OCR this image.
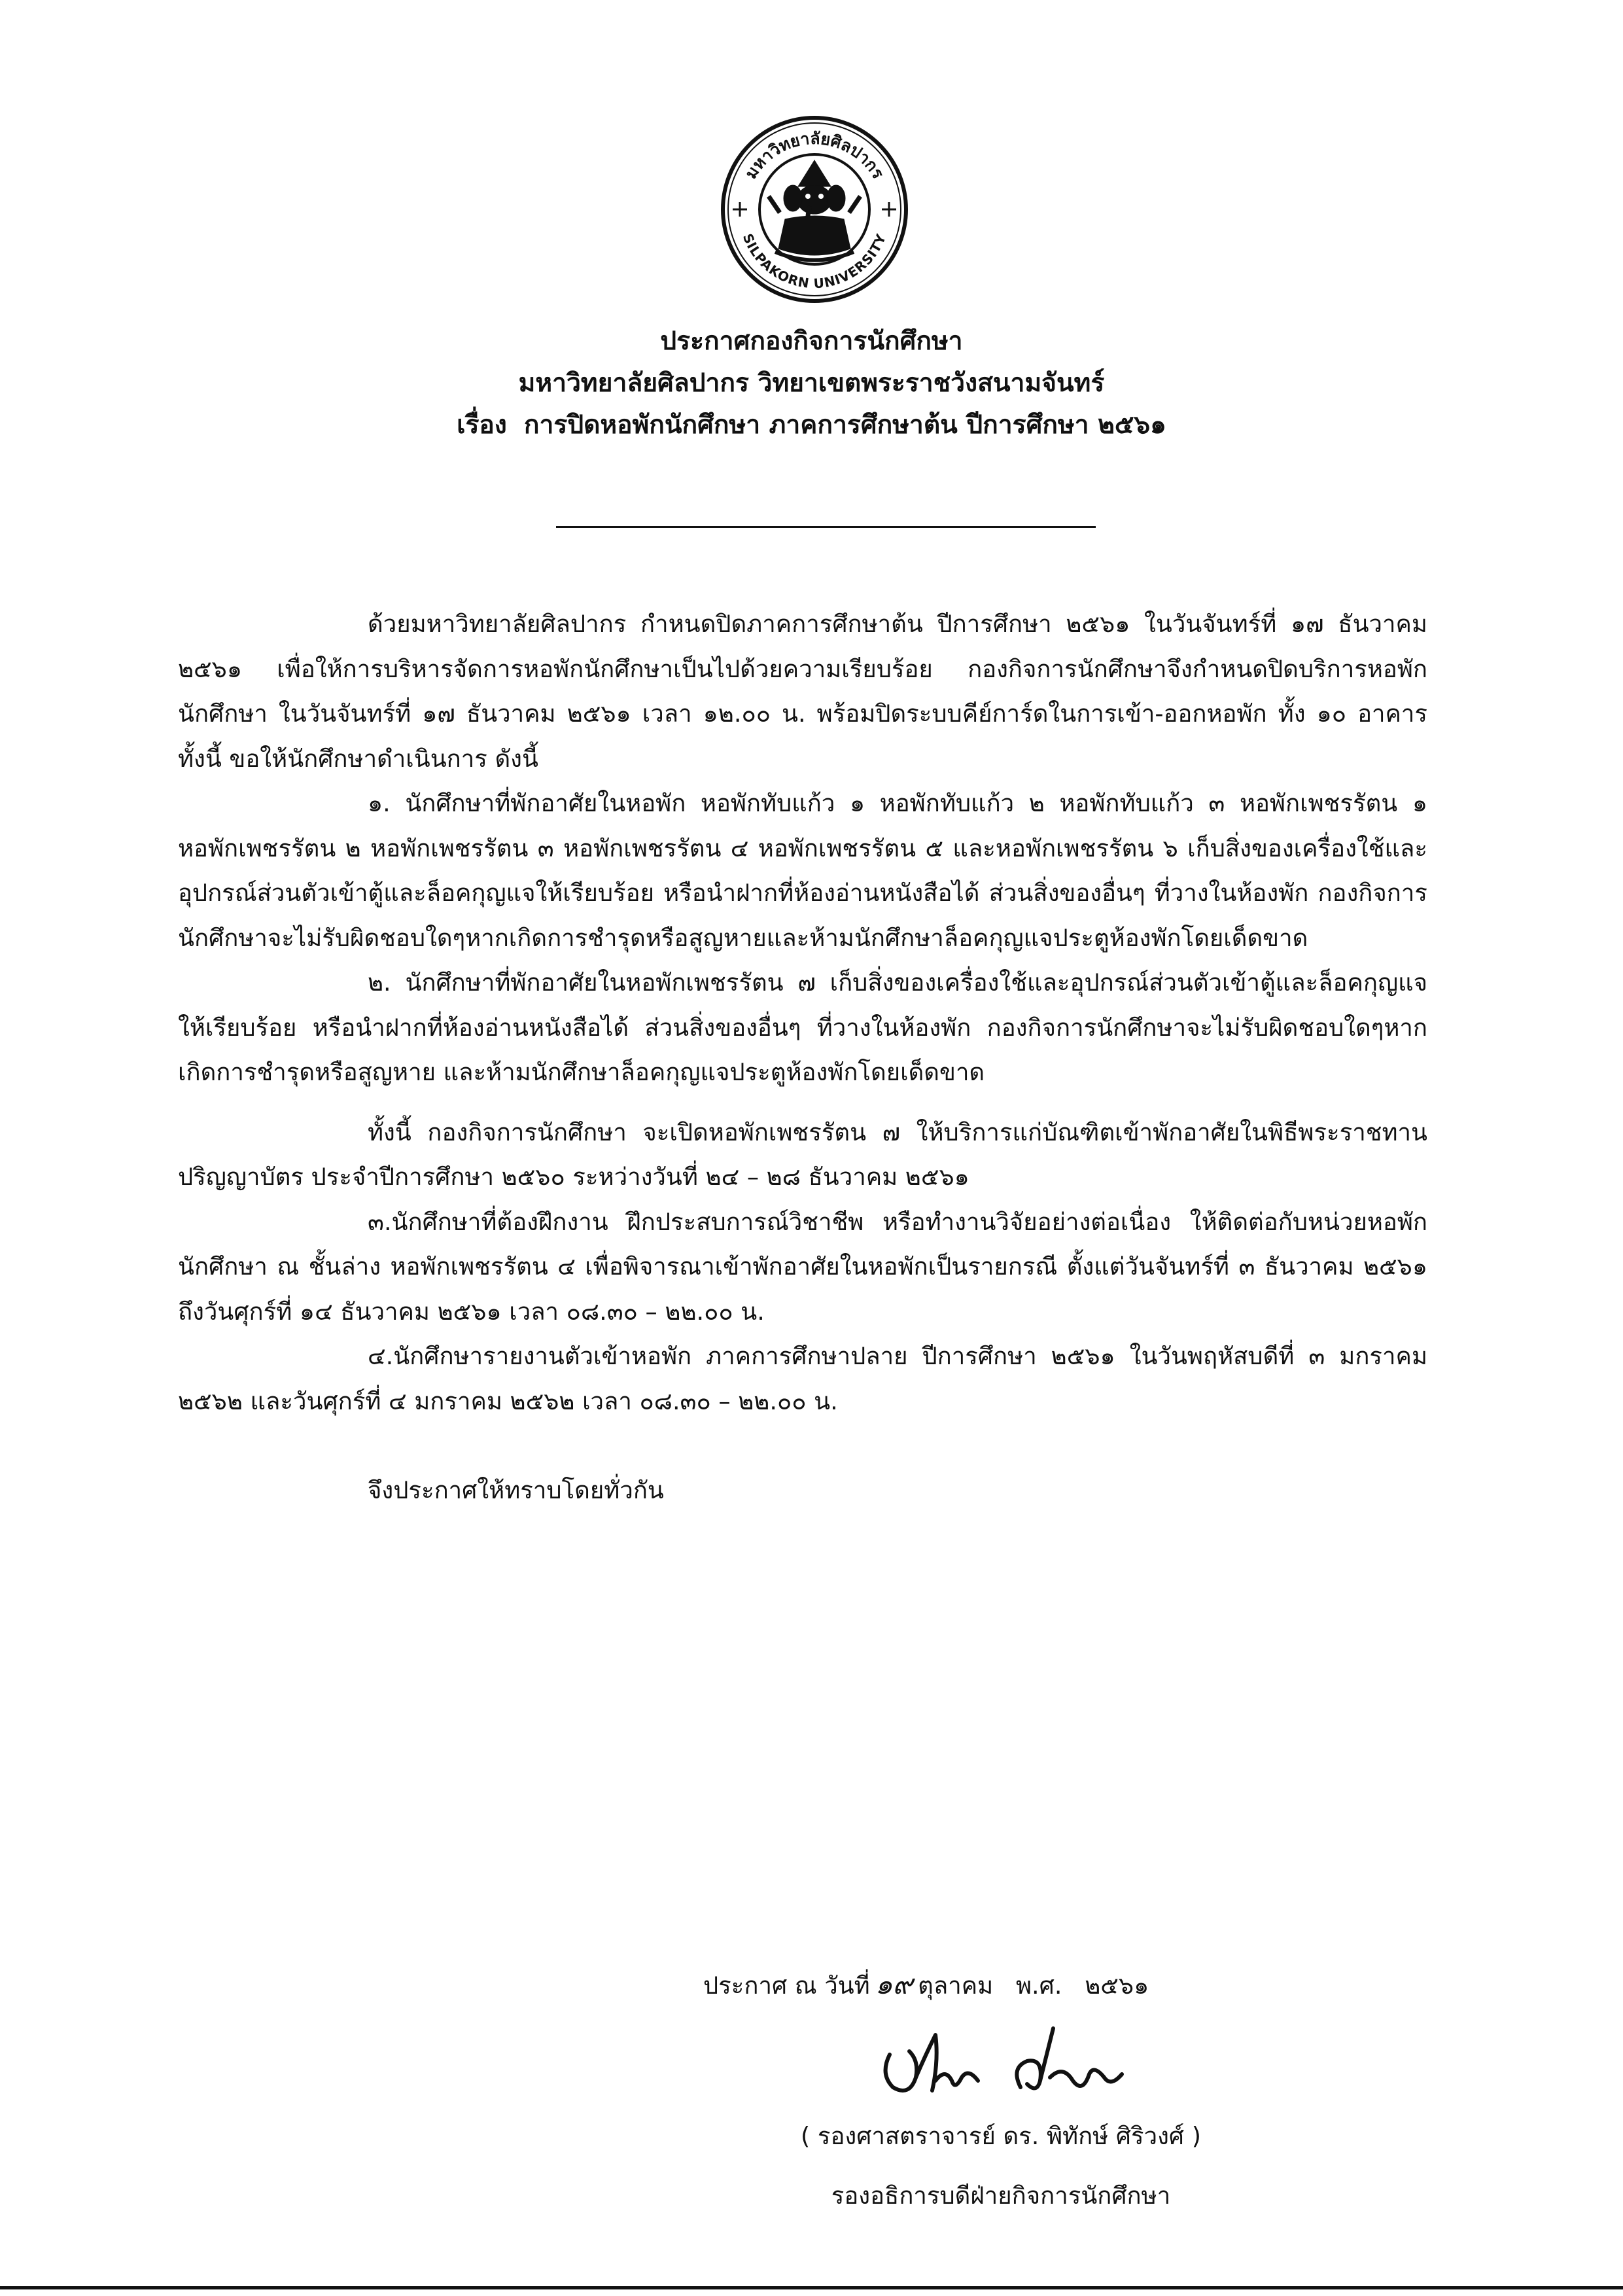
มหาวิทยาลัยศิลปากร
SILPAKORN UNIVERSITY
ประกาศกองกิจการนักศึกษา
มหาวิทยาลัยศิลปากร วิทยาเขตพระราชวังสนามจันทร์
เรื่อง การปิดหอพักนักศึกษา ภาคการศึกษาต้น ปีการศึกษา ๒๕๖๑

ด้วยมหาวิทยาลัยศิลปากร กำหนดปิดภาคการศึกษาต้น ปีการศึกษา ๒๕๖๑ ในวันจันทร์ที่ ๑๗ ธันวาคม ๒๕๖๑ เพื่อให้การบริหารจัดการหอพักนักศึกษาเป็นไปด้วยความเรียบร้อย กองกิจการนักศึกษาจึงกำหนดปิดบริการหอพักนักศึกษา ในวันจันทร์ที่ ๑๗ ธันวาคม ๒๕๖๑ เวลา ๑๒.๐๐ น. พร้อมปิดระบบคีย์การ์ดในการเข้า-ออกหอพัก ทั้ง ๑๐ อาคาร ทั้งนี้ ขอให้นักศึกษาดำเนินการ ดังนี้

๑. นักศึกษาที่พักอาศัยในหอพัก หอพักทับแก้ว ๑ หอพักทับแก้ว ๒ หอพักทับแก้ว ๓ หอพักเพชรรัตน ๑ หอพักเพชรรัตน ๒ หอพักเพชรรัตน ๓ หอพักเพชรรัตน ๔ หอพักเพชรรัตน ๕ และหอพักเพชรรัตน ๖ เก็บสิ่งของเครื่องใช้และอุปกรณ์ส่วนตัวเข้าตู้และล็อคกุญแจให้เรียบร้อย หรือนำฝากที่ห้องอ่านหนังสือได้ ส่วนสิ่งของอื่นๆ ที่วางในห้องพัก กองกิจการนักศึกษาจะไม่รับผิดชอบใดๆหากเกิดการชำรุดหรือสูญหายและห้ามนักศึกษาล็อคกุญแจประตูห้องพักโดยเด็ดขาด

๒. นักศึกษาที่พักอาศัยในหอพักเพชรรัตน ๗ เก็บสิ่งของเครื่องใช้และอุปกรณ์ส่วนตัวเข้าตู้และล็อคกุญแจให้เรียบร้อย หรือนำฝากที่ห้องอ่านหนังสือได้ ส่วนสิ่งของอื่นๆ ที่วางในห้องพัก กองกิจการนักศึกษาจะไม่รับผิดชอบใดๆหากเกิดการชำรุดหรือสูญหาย และห้ามนักศึกษาล็อคกุญแจประตูห้องพักโดยเด็ดขาด

ทั้งนี้ กองกิจการนักศึกษา จะเปิดหอพักเพชรรัตน ๗ ให้บริการแก่บัณฑิตเข้าพักอาศัยในพิธีพระราชทานปริญญาบัตร ประจำปีการศึกษา ๒๕๖๐ ระหว่างวันที่ ๒๔ – ๒๘ ธันวาคม ๒๕๖๑

๓.นักศึกษาที่ต้องฝึกงาน ฝึกประสบการณ์วิชาชีพ หรือทำงานวิจัยอย่างต่อเนื่อง ให้ติดต่อกับหน่วยหอพักนักศึกษา ณ ชั้นล่าง หอพักเพชรรัตน ๔ เพื่อพิจารณาเข้าพักอาศัยในหอพักเป็นรายกรณี ตั้งแต่วันจันทร์ที่ ๓ ธันวาคม ๒๕๖๑ ถึงวันศุกร์ที่ ๑๔ ธันวาคม ๒๕๖๑ เวลา ๐๘.๓๐ – ๒๒.๐๐ น.

๔.นักศึกษารายงานตัวเข้าหอพัก ภาคการศึกษาปลาย ปีการศึกษา ๒๕๖๑ ในวันพฤหัสบดีที่ ๓ มกราคม ๒๕๖๒ และวันศุกร์ที่ ๔ มกราคม ๒๕๖๒ เวลา ๐๘.๓๐ – ๒๒.๐๐ น.

จึงประกาศให้ทราบโดยทั่วกัน

ประกาศ ณ วันที่ ๑๙ ตุลาคม พ.ศ. ๒๕๖๑
( รองศาสตราจารย์ ดร. พิทักษ์ ศิริวงศ์ )
รองอธิการบดีฝ่ายกิจการนักศึกษา
